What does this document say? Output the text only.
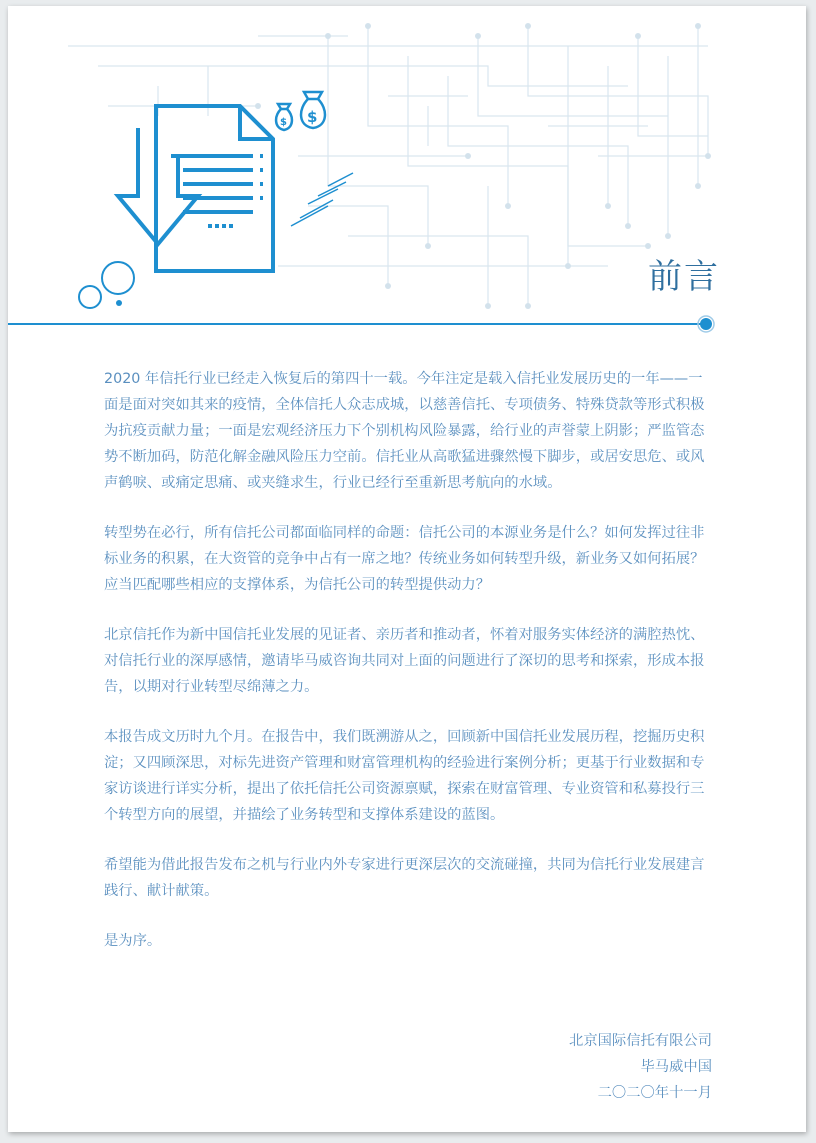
$
$
前言

2020 年信托行业已经走入恢复后的第四十一载。今年注定是载入信托业发展历史的一年——一面是面对突如其来的疫情，全体信托人众志成城，以慈善信托、专项债务、特殊贷款等形式积极为抗疫贡献力量；一面是宏观经济压力下个别机构风险暴露，给行业的声誉蒙上阴影；严监管态势不断加码，防范化解金融风险压力空前。信托业从高歌猛进骤然慢下脚步，或居安思危、或风声鹤唳、或痛定思痛、或夹缝求生，行业已经行至重新思考航向的水域。

转型势在必行，所有信托公司都面临同样的命题：信托公司的本源业务是什么？如何发挥过往非标业务的积累，在大资管的竞争中占有一席之地？传统业务如何转型升级，新业务又如何拓展？应当匹配哪些相应的支撑体系，为信托公司的转型提供动力？

北京信托作为新中国信托业发展的见证者、亲历者和推动者，怀着对服务实体经济的满腔热忱、对信托行业的深厚感情，邀请毕马威咨询共同对上面的问题进行了深切的思考和探索，形成本报告，以期对行业转型尽绵薄之力。

本报告成文历时九个月。在报告中，我们既溯游从之，回顾新中国信托业发展历程，挖掘历史积淀；又四顾深思，对标先进资产管理和财富管理机构的经验进行案例分析；更基于行业数据和专家访谈进行详实分析，提出了依托信托公司资源禀赋，探索在财富管理、专业资管和私募投行三个转型方向的展望，并描绘了业务转型和支撑体系建设的蓝图。

希望能为借此报告发布之机与行业内外专家进行更深层次的交流碰撞，共同为信托行业发展建言践行、献计献策。

是为序。

北京国际信托有限公司
毕马威中国
二〇二〇年十一月
